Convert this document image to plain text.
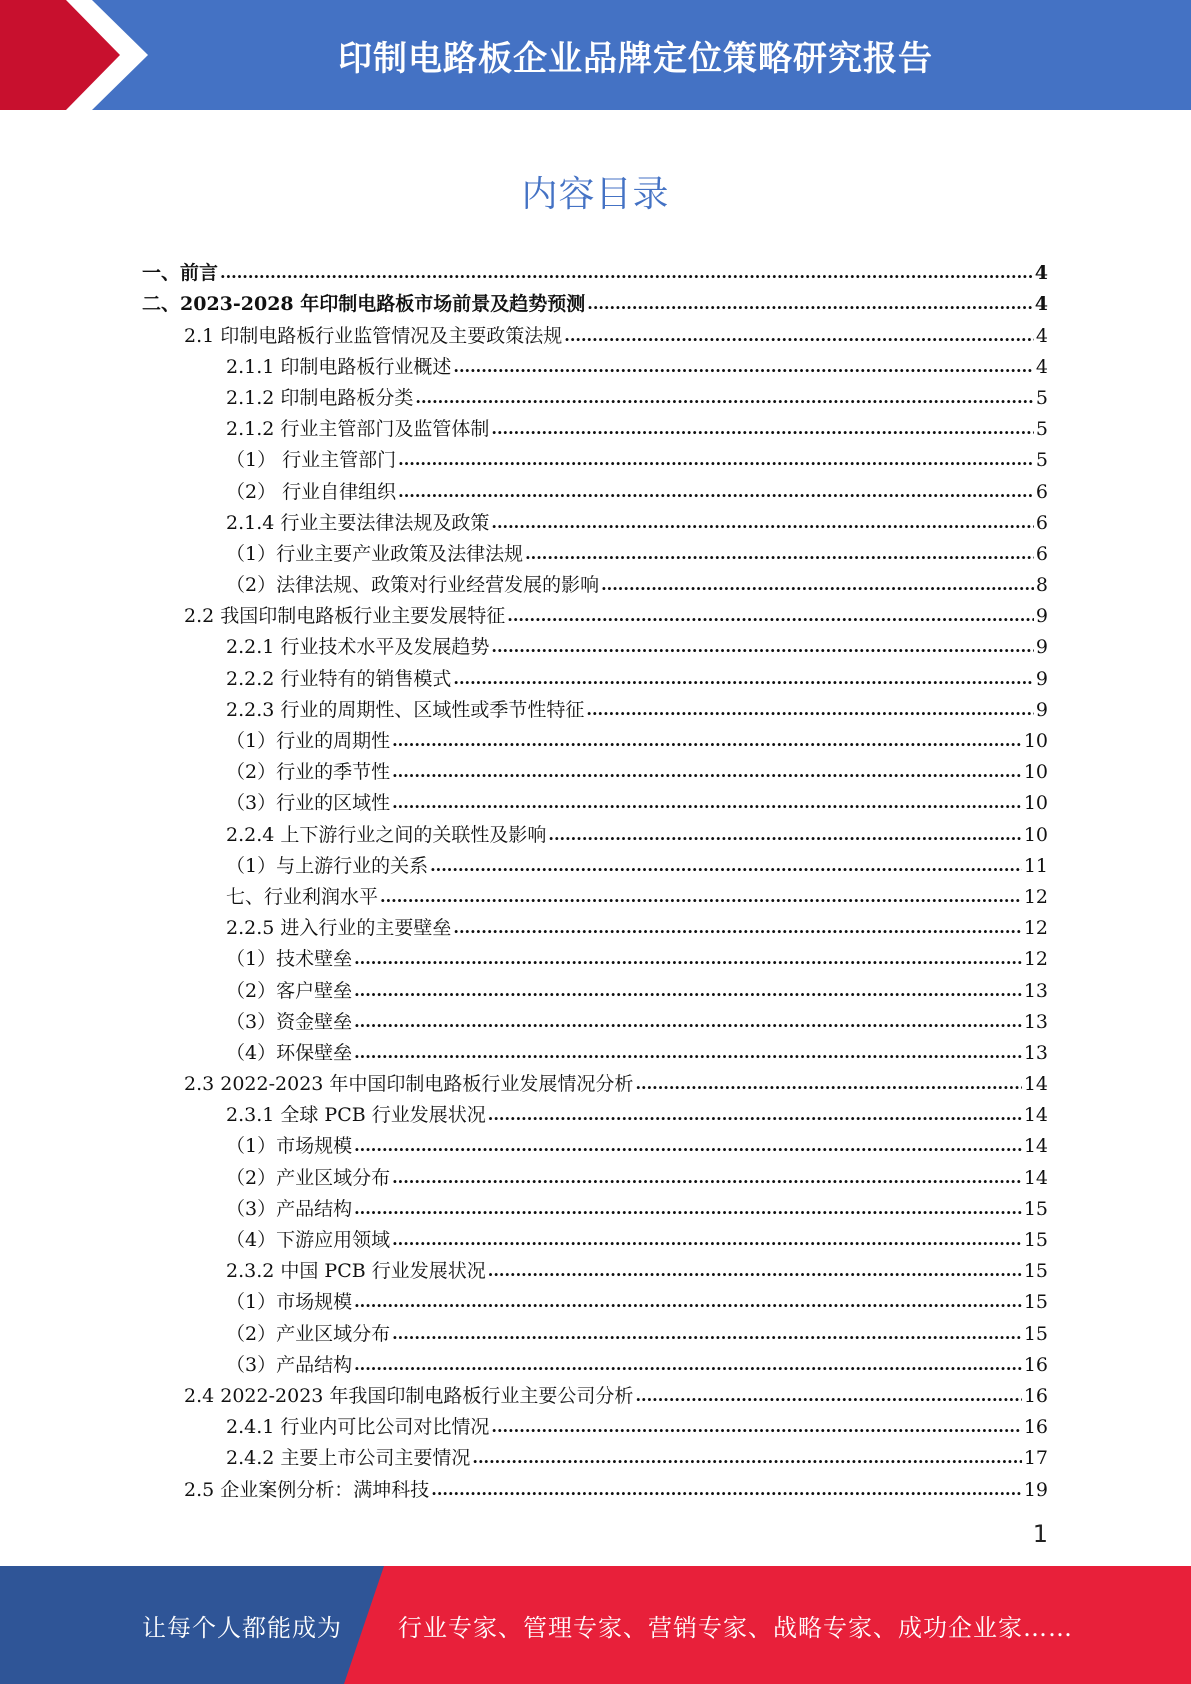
印制电路板企业品牌定位策略研究报告
内容目录
一、前言 .....	4
二、2023-2028 年印制电路板市场前景及趋势预测 .....	4
2.1 印制电路板行业监管情况及主要政策法规 .....	4
2.1.1 印制电路板行业概述 .....	4
2.1.2 印制电路板分类 .....	5
2.1.2 行业主管部门及监管体制 .....	5
（1） 行业主管部门 .....	5
（2） 行业自律组织 .....	6
2.1.4 行业主要法律法规及政策 .....	6
（1）行业主要产业政策及法律法规 .....	6
（2）法律法规、政策对行业经营发展的影响 .....	8
2.2 我国印制电路板行业主要发展特征 .....	9
2.2.1 行业技术水平及发展趋势 .....	9
2.2.2 行业特有的销售模式 .....	9
2.2.3 行业的周期性、区域性或季节性特征 .....	9
（1）行业的周期性 .....	10
（2）行业的季节性 .....	10
（3）行业的区域性 .....	10
2.2.4 上下游行业之间的关联性及影响 .....	10
（1）与上游行业的关系 .....	11
七、行业利润水平 .....	12
2.2.5 进入行业的主要壁垒 .....	12
（1）技术壁垒 .....	12
（2）客户壁垒 .....	13
（3）资金壁垒 .....	13
（4）环保壁垒 .....	13
2.3 2022-2023 年中国印制电路板行业发展情况分析 .....	14
2.3.1 全球 PCB 行业发展状况 .....	14
（1）市场规模 .....	14
（2）产业区域分布 .....	14
（3）产品结构 .....	15
（4）下游应用领域 .....	15
2.3.2 中国 PCB 行业发展状况 .....	15
（1）市场规模 .....	15
（2）产业区域分布 .....	15
（3）产品结构 .....	16
2.4 2022-2023 年我国印制电路板行业主要公司分析 .....	16
2.4.1 行业内可比公司对比情况 .....	16
2.4.2 主要上市公司主要情况 .....	17
2.5 企业案例分析：满坤科技 .....	19
1
让每个人都能成为 行业专家、管理专家、营销专家、战略专家、成功企业家……
